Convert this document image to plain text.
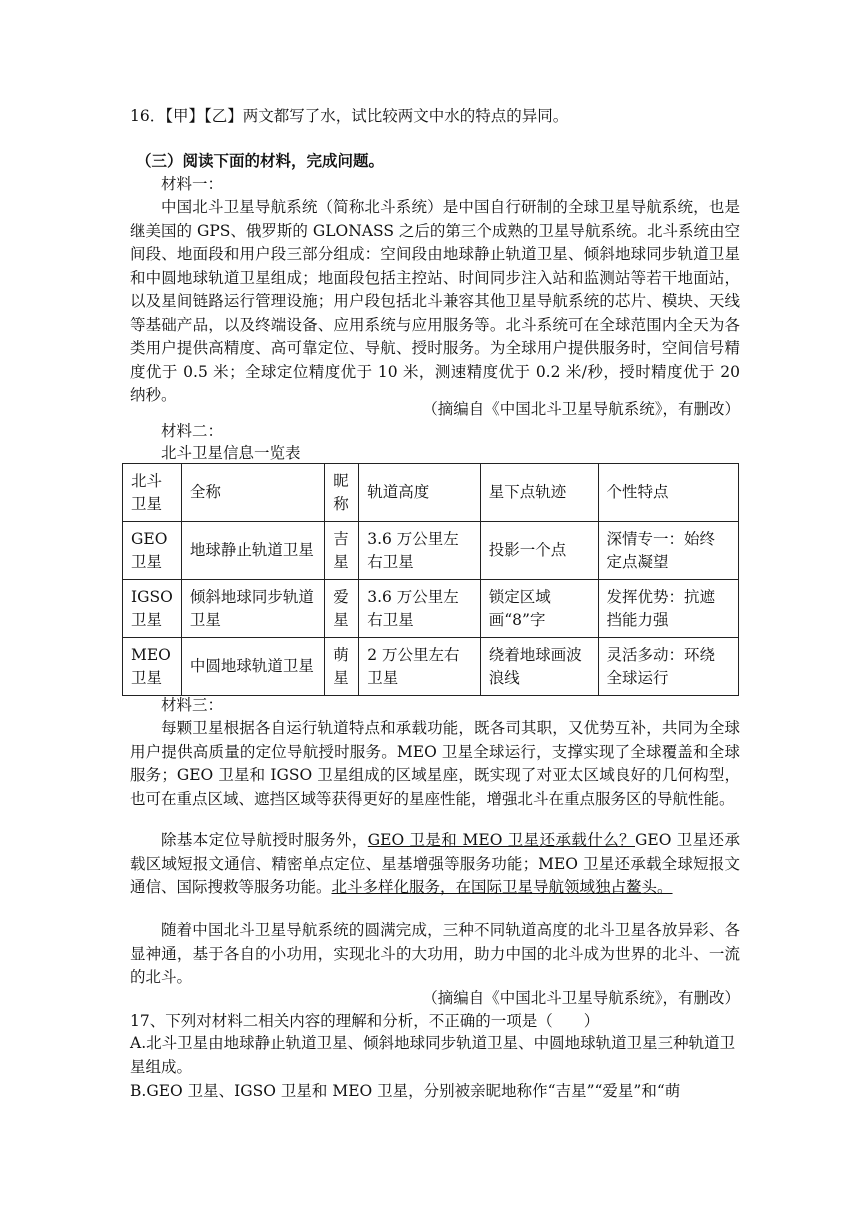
16．【甲】【乙】两文都写了水，试比较两文中水的特点的异同。
（三）阅读下面的材料，完成问题。
材料一：

中国北斗卫星导航系统（简称北斗系统）是中国自行研制的全球卫星导航系统，也是继美国的 GPS、俄罗斯的 GLONASS 之后的第三个成熟的卫星导航系统。北斗系统由空间段、地面段和用户段三部分组成：空间段由地球静止轨道卫星、倾斜地球同步轨道卫星和中圆地球轨道卫星组成；地面段包括主控站、时间同步注入站和监测站等若干地面站，以及星间链路运行管理设施；用户段包括北斗兼容其他卫星导航系统的芯片、模块、天线等基础产品，以及终端设备、应用系统与应用服务等。北斗系统可在全球范围内全天为各类用户提供高精度、高可靠定位、导航、授时服务。为全球用户提供服务时，空间信号精度优于 0.5 米；全球定位精度优于 10 米，测速精度优于 0.2 米/秒，授时精度优于 20 纳秒。

（摘编自《中国北斗卫星导航系统》，有删改）
材料二：
北斗卫星信息一览表
北斗卫星	全称	昵称	轨道高度	星下点轨迹	个性特点
GEO 卫星	地球静止轨道卫星	吉星	3.6 万公里左右卫星	投影一个点	深情专一：始终定点凝望
IGSO 卫星	倾斜地球同步轨道卫星	爱星	3.6 万公里左右卫星	锁定区域画“8”字	发挥优势：抗遮挡能力强
MEO 卫星	中圆地球轨道卫星	萌星	2 万公里左右卫星	绕着地球画波浪线	灵活多动：环绕全球运行
材料三：

每颗卫星根据各自运行轨道特点和承载功能，既各司其职，又优势互补，共同为全球用户提供高质量的定位导航授时服务。MEO 卫星全球运行，支撑实现了全球覆盖和全球服务；GEO 卫星和 IGSO 卫星组成的区域星座，既实现了对亚太区域良好的几何构型，也可在重点区域、遮挡区域等获得更好的星座性能，增强北斗在重点服务区的导航性能。

除基本定位导航授时服务外，GEO 卫是和 MEO 卫星还承载什么？GEO 卫星还承载区域短报文通信、精密单点定位、星基增强等服务功能；MEO 卫星还承载全球短报文通信、国际搜救等服务功能。北斗多样化服务，在国际卫星导航领域独占鳌头。

随着中国北斗卫星导航系统的圆满完成，三种不同轨道高度的北斗卫星各放异彩、各显神通，基于各自的小功用，实现北斗的大功用，助力中国的北斗成为世界的北斗、一流的北斗。

（摘编自《中国北斗卫星导航系统》，有删改）
17、下列对材料二相关内容的理解和分析，不正确的一项是（　　）
A.北斗卫星由地球静止轨道卫星、倾斜地球同步轨道卫星、中圆地球轨道卫星三种轨道卫星组成。
B.GEO 卫星、IGSO 卫星和 MEO 卫星，分别被亲昵地称作“吉星”“爱星”和“萌
